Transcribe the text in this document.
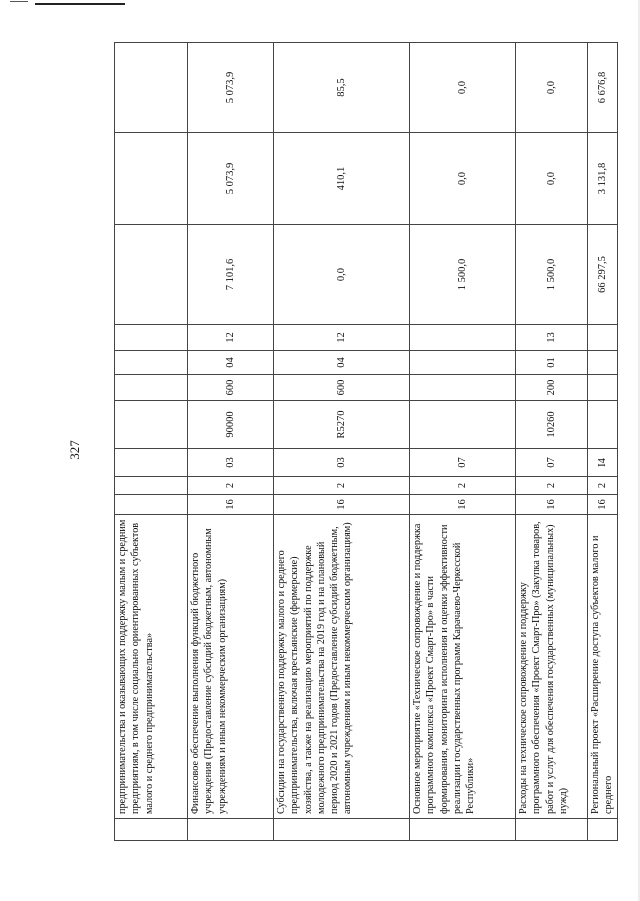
327
	предпринимательства и оказывающих поддержку малым и средним предприятиям, в том числе социально ориентированных субъектов малого и среднего предпринимательства»										
	Финансовое обеспечение выполнения функций бюджетного учреждения (Предоставление субсидий бюджетным, автономным учреждениям и иным некоммерческим организациям)	16	2	03	90000	600	04	12	7 101,6	5 073,9	5 073,9
	Субсидии на государственную поддержку малого и среднего предпринимательства, включая крестьянские (фермерские) хозяйства, а также на реализацию мероприятий по поддержке молодежного предпринимательства на 2019 год и на плановый период 2020 и 2021 годов (Предоставление субсидий бюджетным, автономным учреждениям и иным некоммерческим организациям)	16	2	03	R5270	600	04	12	0,0	410,1	85,5
	Основное мероприятие «Техническое сопровождение и поддержка программного комплекса «Проект Смарт-Про» в части формирования, мониторинга исполнения и оценки эффективности реализации государственных программ Карачаево-Черкесской Республики»	16	2	07					1 500,0	0,0	0,0
	Расходы на техническое сопровождение и поддержку программного обеспечения «Проект Смарт-Про» (Закупка товаров, работ и услуг для обеспечения государственных (муниципальных) нужд)	16	2	07	10260	200	01	13	1 500,0	0,0	0,0
	Региональный проект «Расширение доступа субъектов малого и среднего	16	2	I4					66 297,5	3 131,8	6 676,8
